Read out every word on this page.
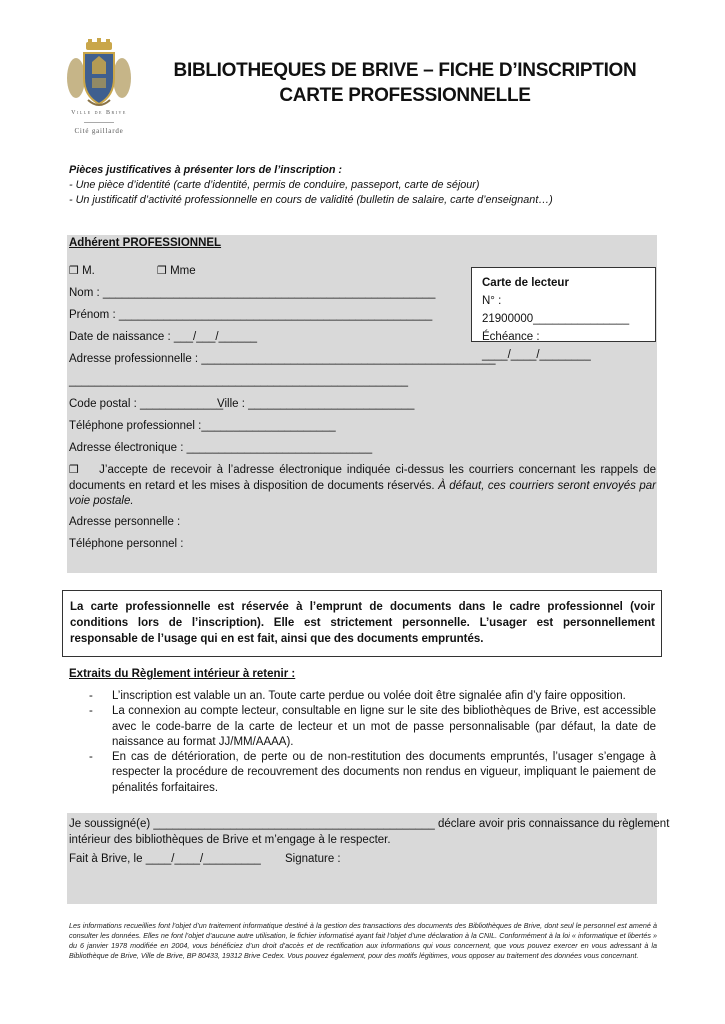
Ville de Brive
Cité gaillarde
BIBLIOTHEQUES DE BRIVE – FICHE D’INSCRIPTION
CARTE PROFESSIONNELLE
Pièces justificatives à présenter lors de l’inscription :
- Une pièce d’identité (carte d’identité, permis de conduire, passeport, carte de séjour)
- Un justificatif d’activité professionnelle en cours de validité (bulletin de salaire, carte d’enseignant…)
Adhérent PROFESSIONNEL
❒ M.	❒ Mme
Nom : ____________________________________________________
Prénom : _________________________________________________
Date de naissance : ___/___/______
Adresse professionnelle : ______________________________________________
_____________________________________________________
Code postal : _____________
Ville : __________________________
Téléphone professionnel :_____________________
Adresse électronique : _____________________________
❒ J’accepte de recevoir à l’adresse électronique indiquée ci-dessus les courriers concernant les rappels de documents en retard et les mises à disposition de documents réservés. À défaut, ces courriers seront envoyés par voie postale.
Adresse personnelle :
Téléphone personnel :
Carte de lecteur
N° : 21900000_______________
Échéance : ____/____/________
La carte professionnelle est réservée à l’emprunt de documents dans le cadre professionnel (voir conditions lors de l’inscription). Elle est strictement personnelle. L’usager est personnellement responsable de l’usage qui en est fait, ainsi que des documents empruntés.
Extraits du Règlement intérieur à retenir :
- L’inscription est valable un an. Toute carte perdue ou volée doit être signalée afin d’y faire opposition.
- La connexion au compte lecteur, consultable en ligne sur le site des bibliothèques de Brive, est accessible avec le code-barre de la carte de lecteur et un mot de passe personnalisable (par défaut, la date de naissance au format JJ/MM/AAAA).
- En cas de détérioration, de perte ou de non-restitution des documents empruntés, l’usager s’engage à respecter la procédure de recouvrement des documents non rendus en vigueur, impliquant le paiement de pénalités forfaitaires.
Je soussigné(e) ____________________________________________ déclare avoir pris connaissance du règlement
intérieur des bibliothèques de Brive et m’engage à le respecter.
Fait à Brive, le ____/____/_________ Signature :
Les informations recueillies font l’objet d’un traitement informatique destiné à la gestion des transactions des documents des Bibliothèques de Brive, dont seul le personnel est amené à consulter les données. Elles ne font l’objet d’aucune autre utilisation, le fichier informatisé ayant fait l’objet d’une déclaration à la CNIL. Conformément à la loi « informatique et libertés » du 6 janvier 1978 modifiée en 2004, vous bénéficiez d’un droit d’accès et de rectification aux informations qui vous concernent, que vous pouvez exercer en vous adressant à la Bibliothèque de Brive, Ville de Brive, BP 80433, 19312 Brive Cedex. Vous pouvez également, pour des motifs légitimes, vous opposer au traitement des données vous concernant.
